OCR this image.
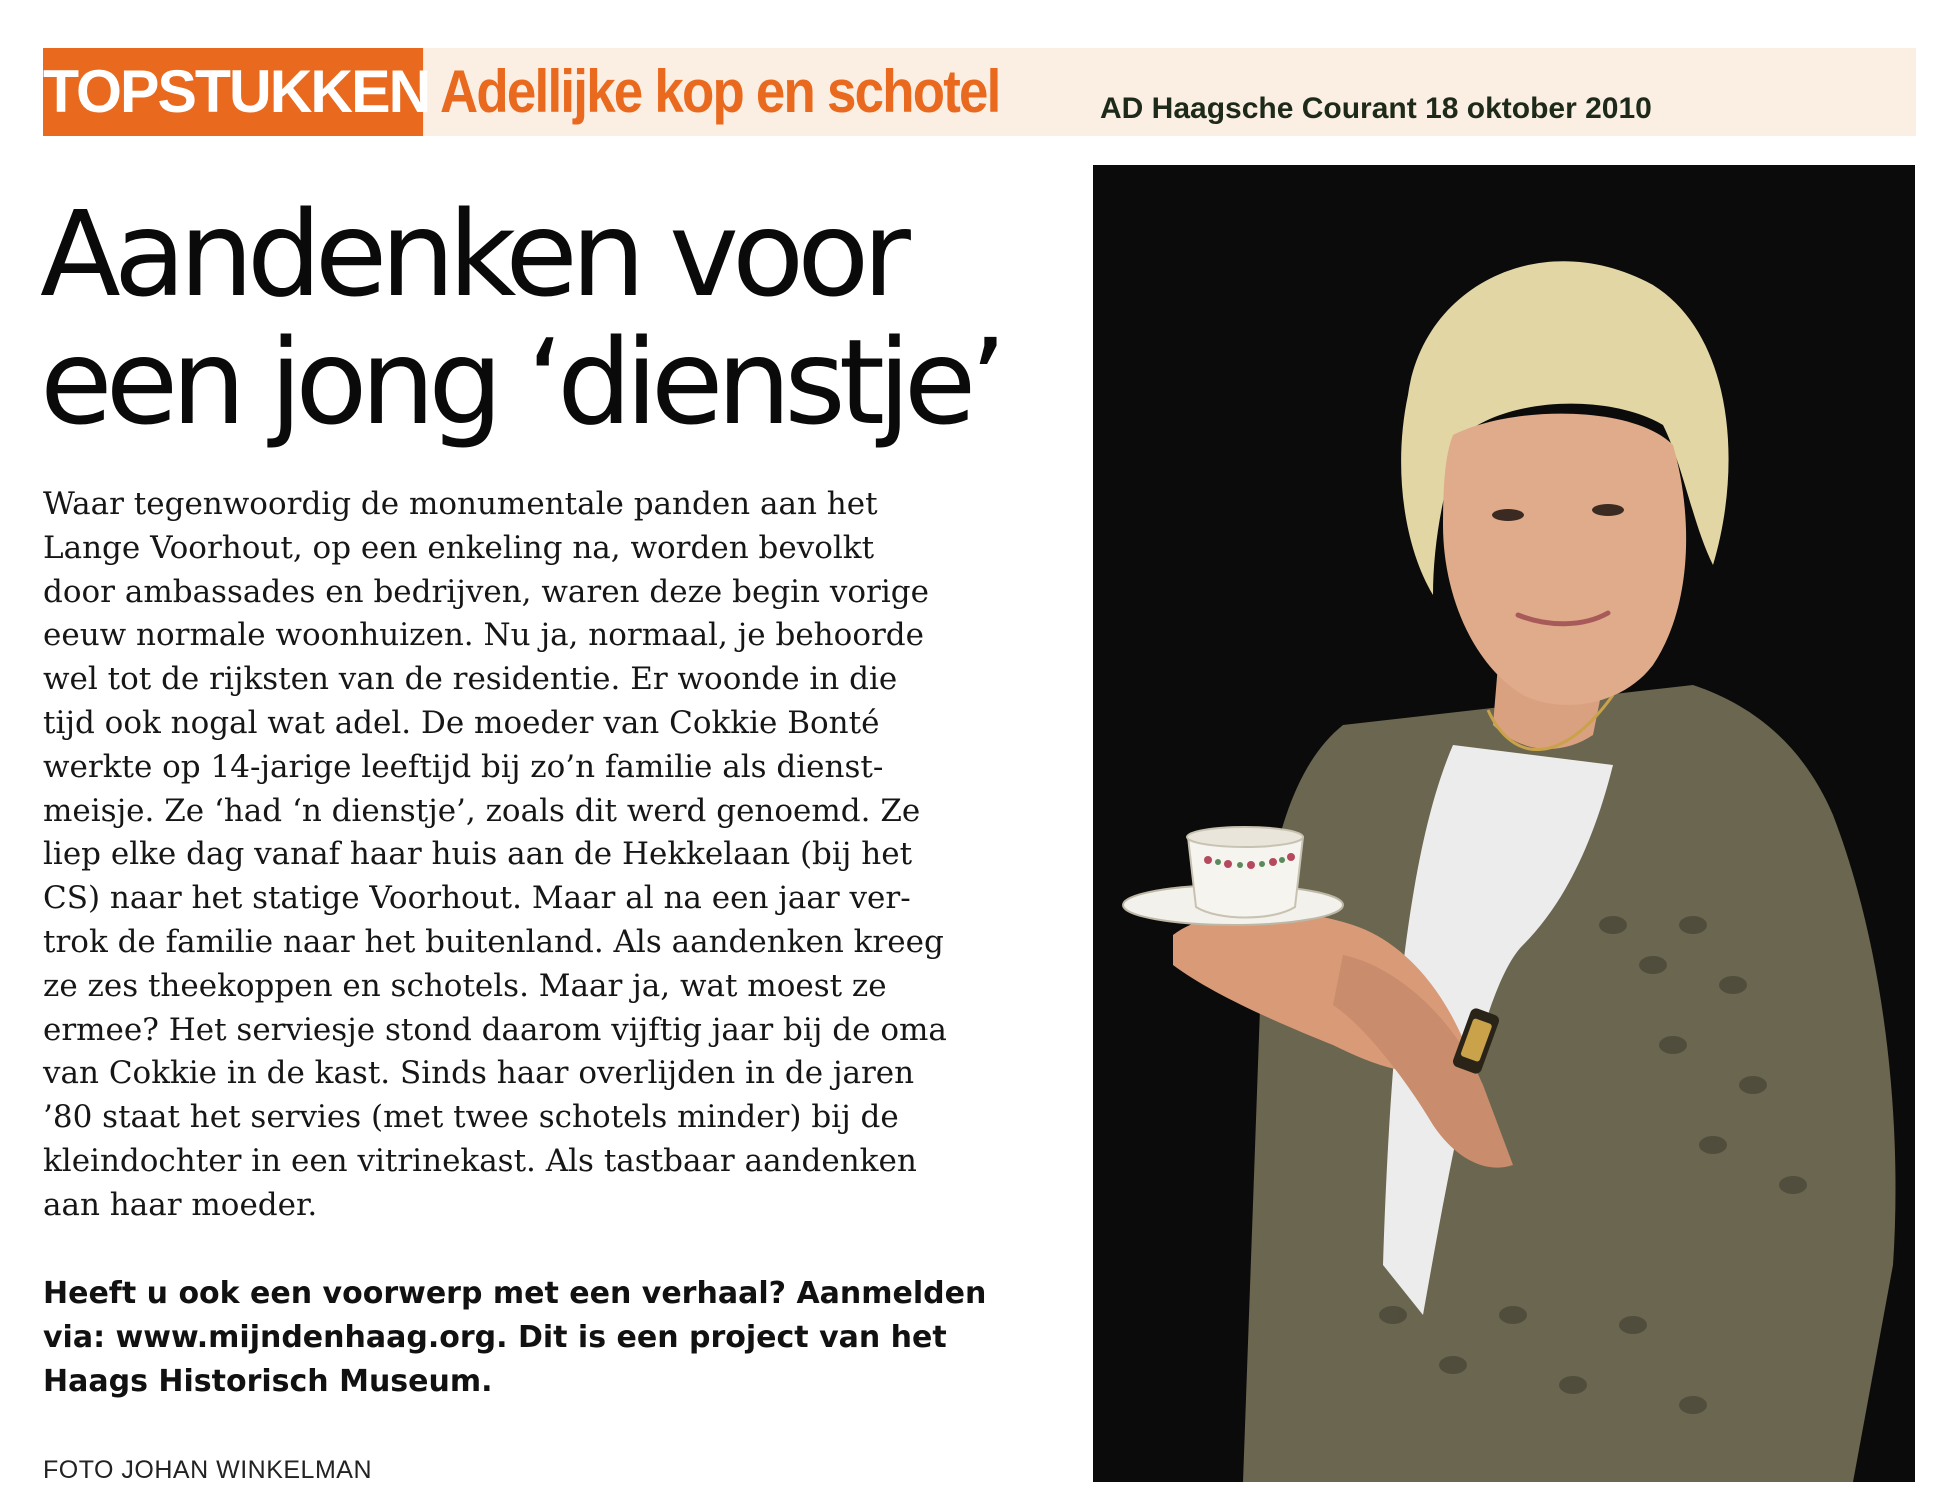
TOPSTUKKEN Adellijke kop en schotel	AD Haagsche Courant 18 oktober 2010
Aandenken voor
een jong ‘dienstje’
Waar tegenwoordig de monumentale panden aan het
Lange Voorhout, op een enkeling na, worden bevolkt
door ambassades en bedrijven, waren deze begin vorige
eeuw normale woonhuizen. Nu ja, normaal, je behoorde
wel tot de rijksten van de residentie. Er woonde in die
tijd ook nogal wat adel. De moeder van Cokkie Bonté
werkte op 14-jarige leeftijd bij zo’n familie als dienst-
meisje. Ze ‘had ‘n dienstje’, zoals dit werd genoemd. Ze
liep elke dag vanaf haar huis aan de Hekkelaan (bij het
CS) naar het statige Voorhout. Maar al na een jaar ver-
trok de familie naar het buitenland. Als aandenken kreeg
ze zes theekoppen en schotels. Maar ja, wat moest ze
ermee? Het serviesje stond daarom vijftig jaar bij de oma
van Cokkie in de kast. Sinds haar overlijden in de jaren
’80 staat het servies (met twee schotels minder) bij de
kleindochter in een vitrinekast. Als tastbaar aandenken
aan haar moeder.
Heeft u ook een voorwerp met een verhaal? Aanmelden
via: www.mijndenhaag.org. Dit is een project van het
Haags Historisch Museum.
FOTO JOHAN WINKELMAN
